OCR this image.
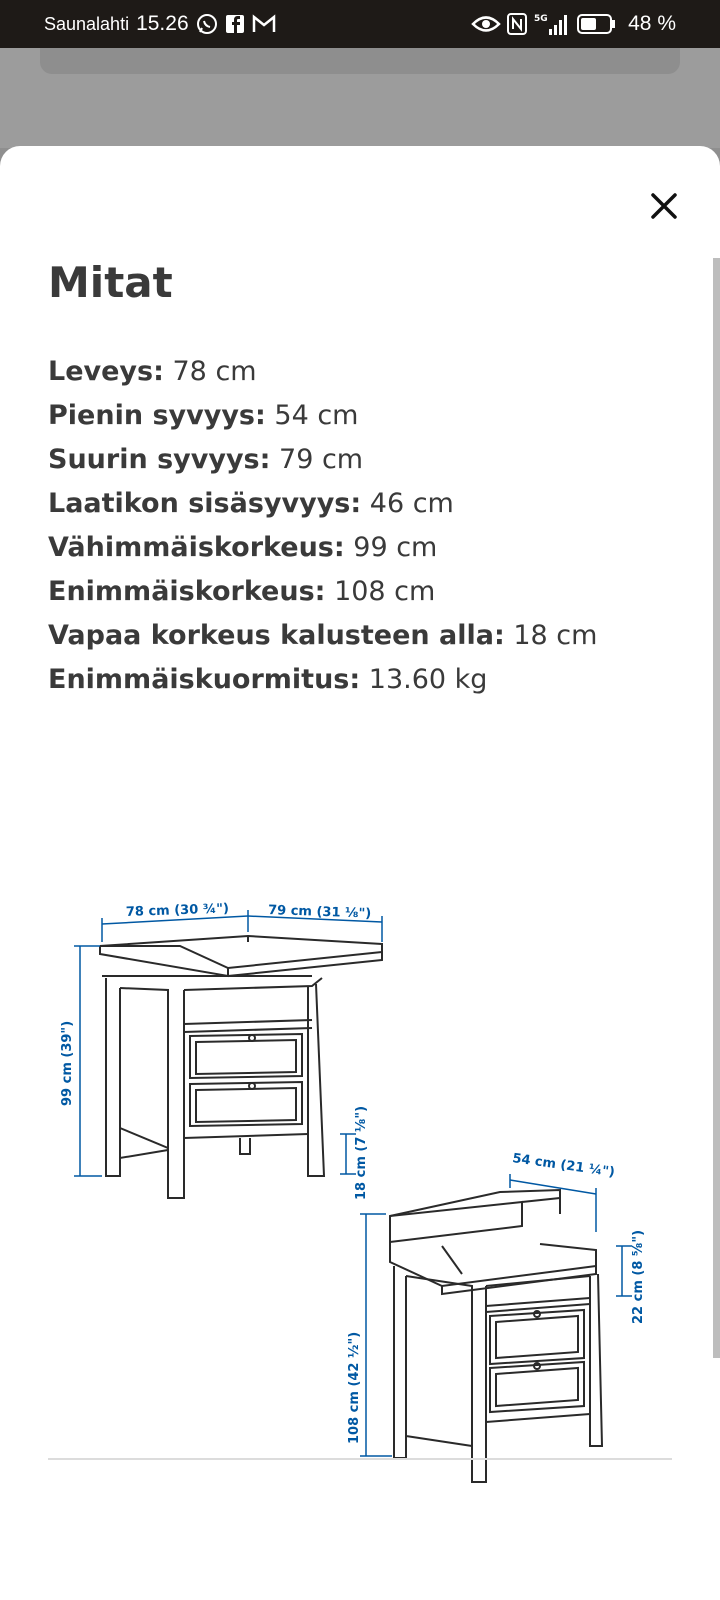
Saunalahti 15.26	5G	48 %
Mitat
Leveys: 78 cm
Pienin syvyys: 54 cm
Suurin syvyys: 79 cm
Laatikon sisäsyvyys: 46 cm
Vähimmäiskorkeus: 99 cm
Enimmäiskorkeus: 108 cm
Vapaa korkeus kalusteen alla: 18 cm
Enimmäiskuormitus: 13.60 kg
78 cm (30 ¾")	79 cm (31 ⅛")
99 cm (39")
18 cm (7 ⅛")	54 cm (21 ¼")
108 cm (42 ½")
22 cm (8 ⅝")
